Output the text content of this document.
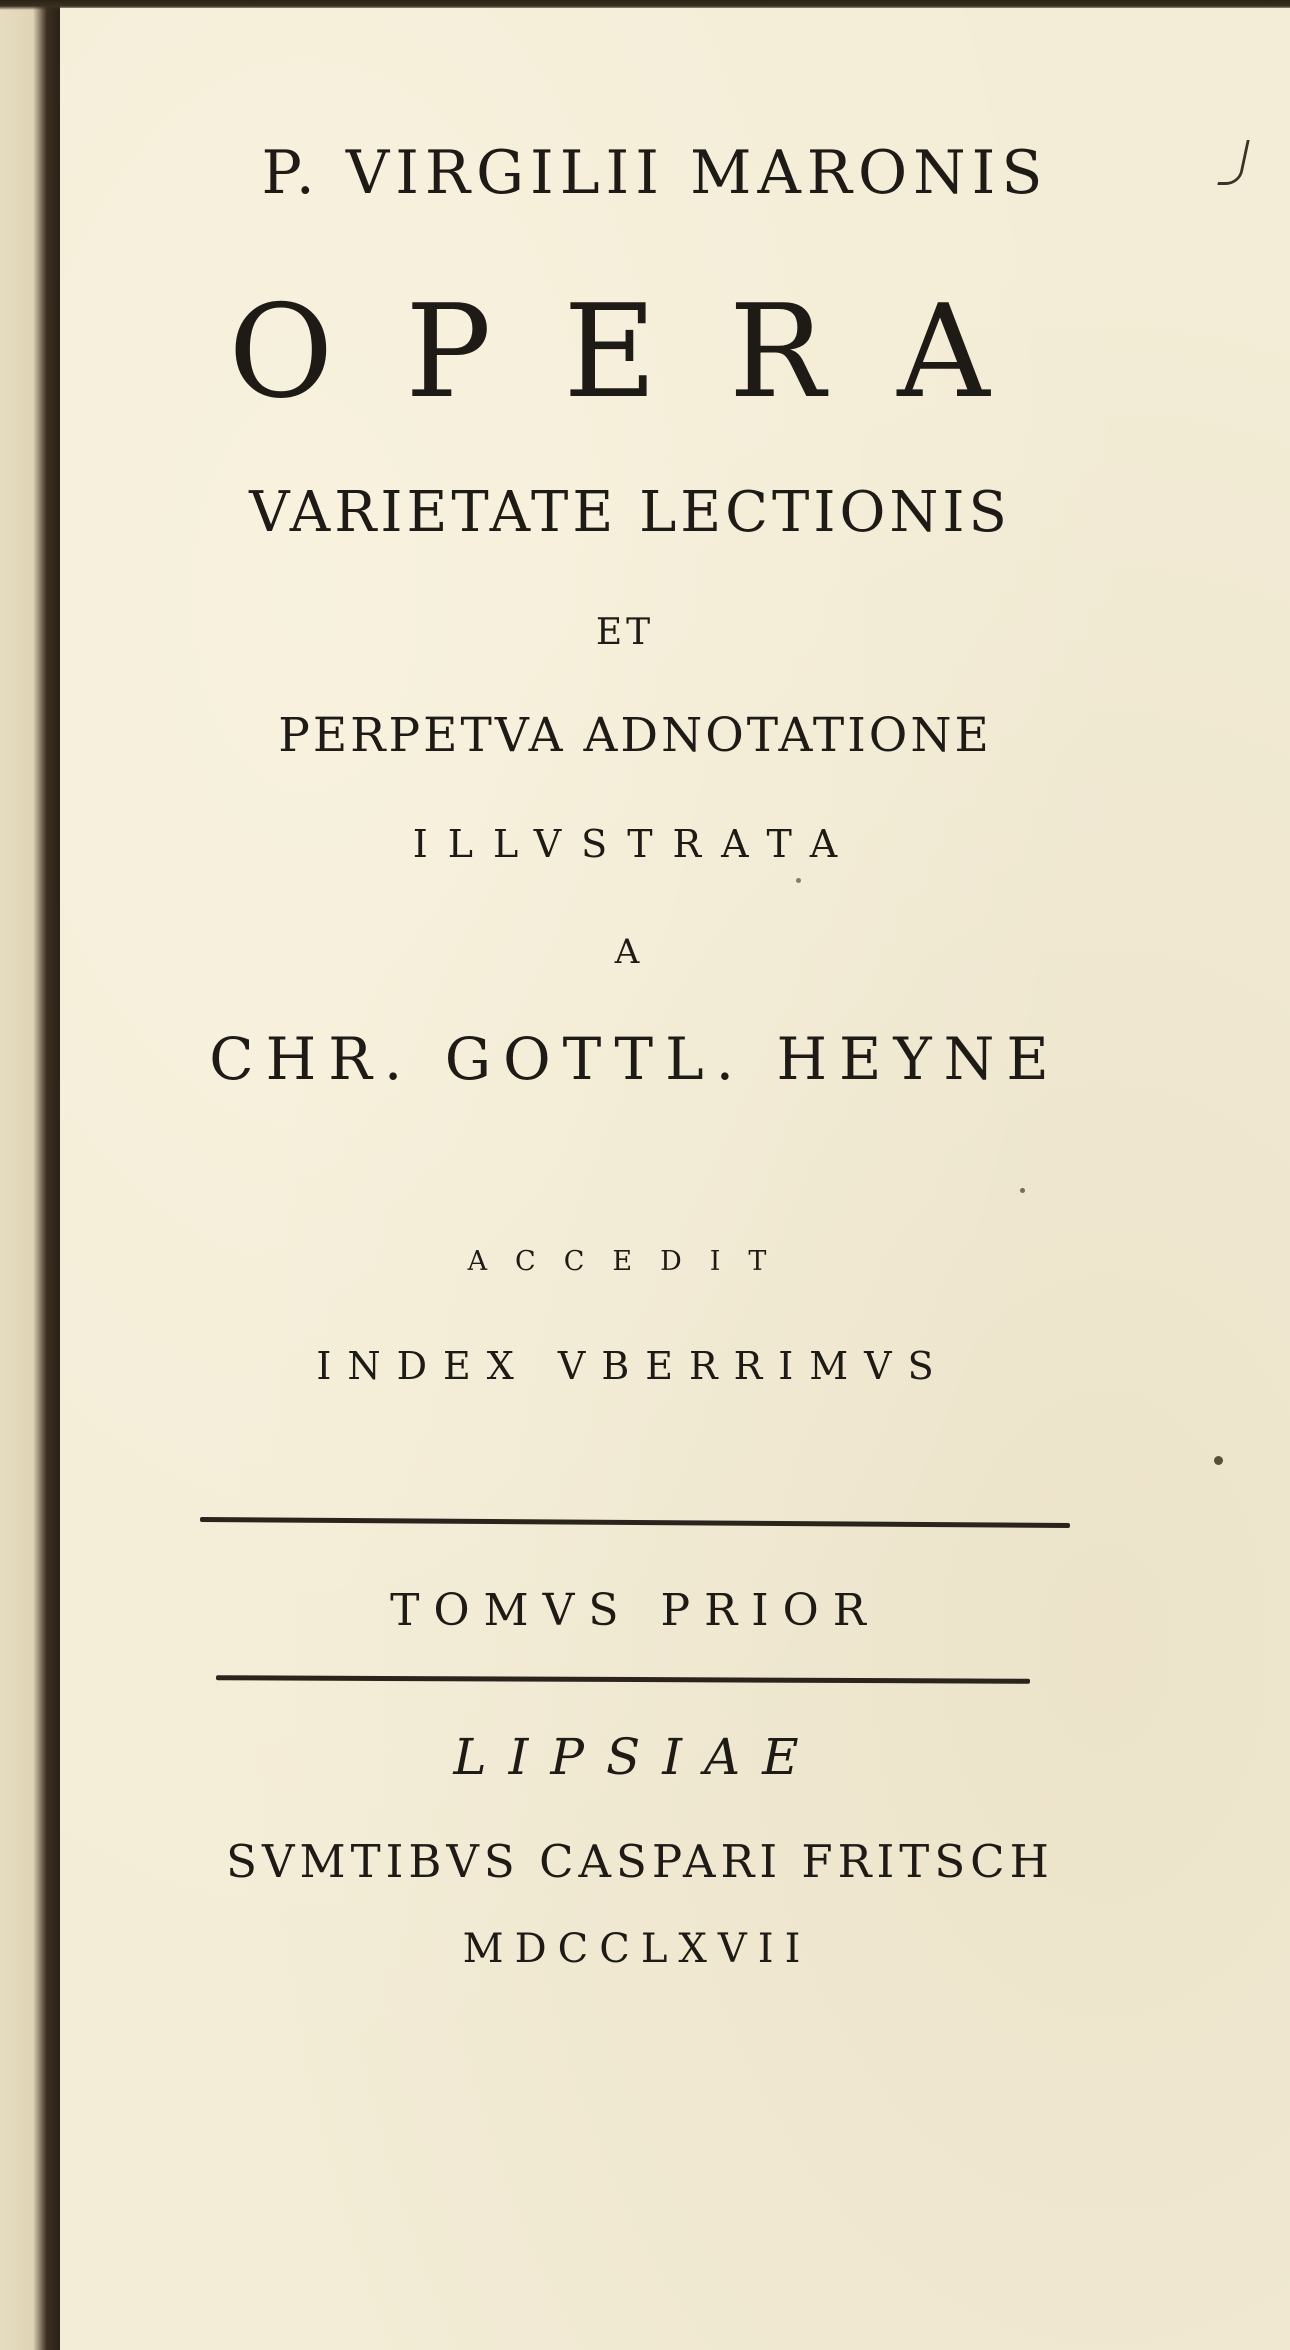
P. VIRGILII MARONIS
OPERA
VARIETATE LECTIONIS
ET
PERPETVA ADNOTATIONE
ILLVSTRATA
A
CHR. GOTTL. HEYNE
ACCEDIT
INDEX VBERRIMVS
TOMVS PRIOR
LIPSIAE
SVMTIBVS CASPARI FRITSCH
MDCCLXVII
